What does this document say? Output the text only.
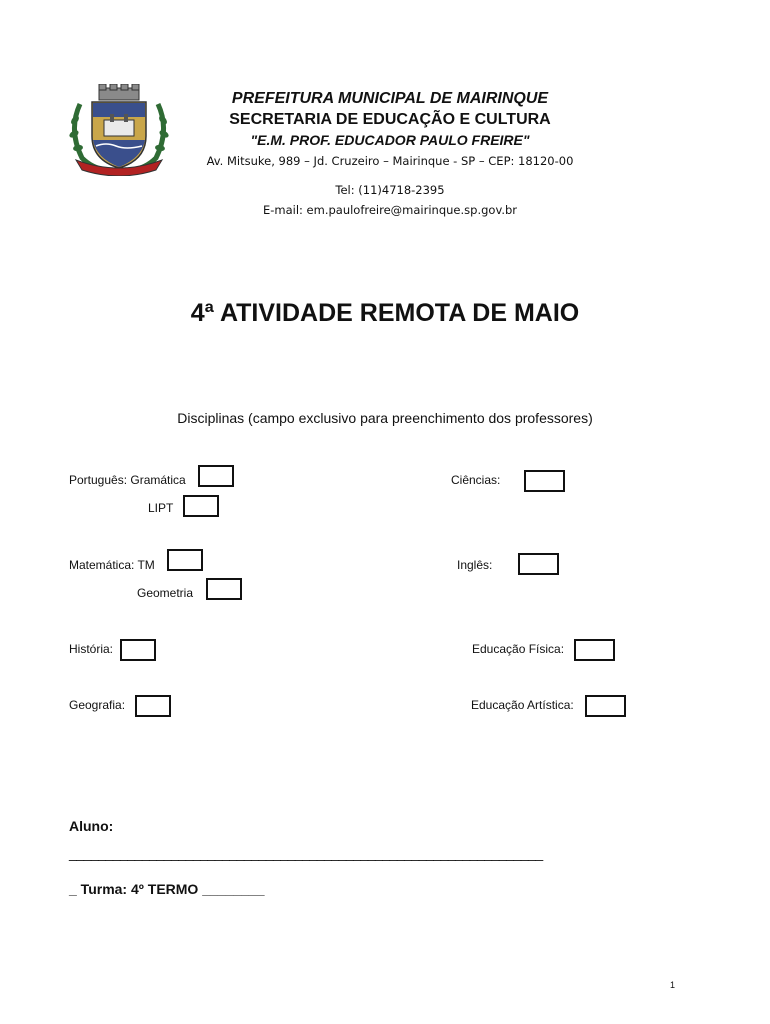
PREFEITURA MUNICIPAL DE MAIRINQUE
SECRETARIA DE EDUCAÇÃO E CULTURA
"E.M. PROF. EDUCADOR PAULO FREIRE"
Av. Mitsuke, 989 – Jd. Cruzeiro – Mairinque - SP – CEP: 18120-00
Tel: (11)4718-2395
E-mail: em.paulofreire@mairinque.sp.gov.br
4ª ATIVIDADE REMOTA DE MAIO
Disciplinas (campo exclusivo para preenchimento dos professores)
Português: Gramática
LIPT
Matemática: TM
Geometria
História:
Geografia:
Ciências:
Inglês:
Educação Física:
Educação Artística:
Aluno:
_________________________________________________________________
_ Turma: 4º TERMO ________
1
